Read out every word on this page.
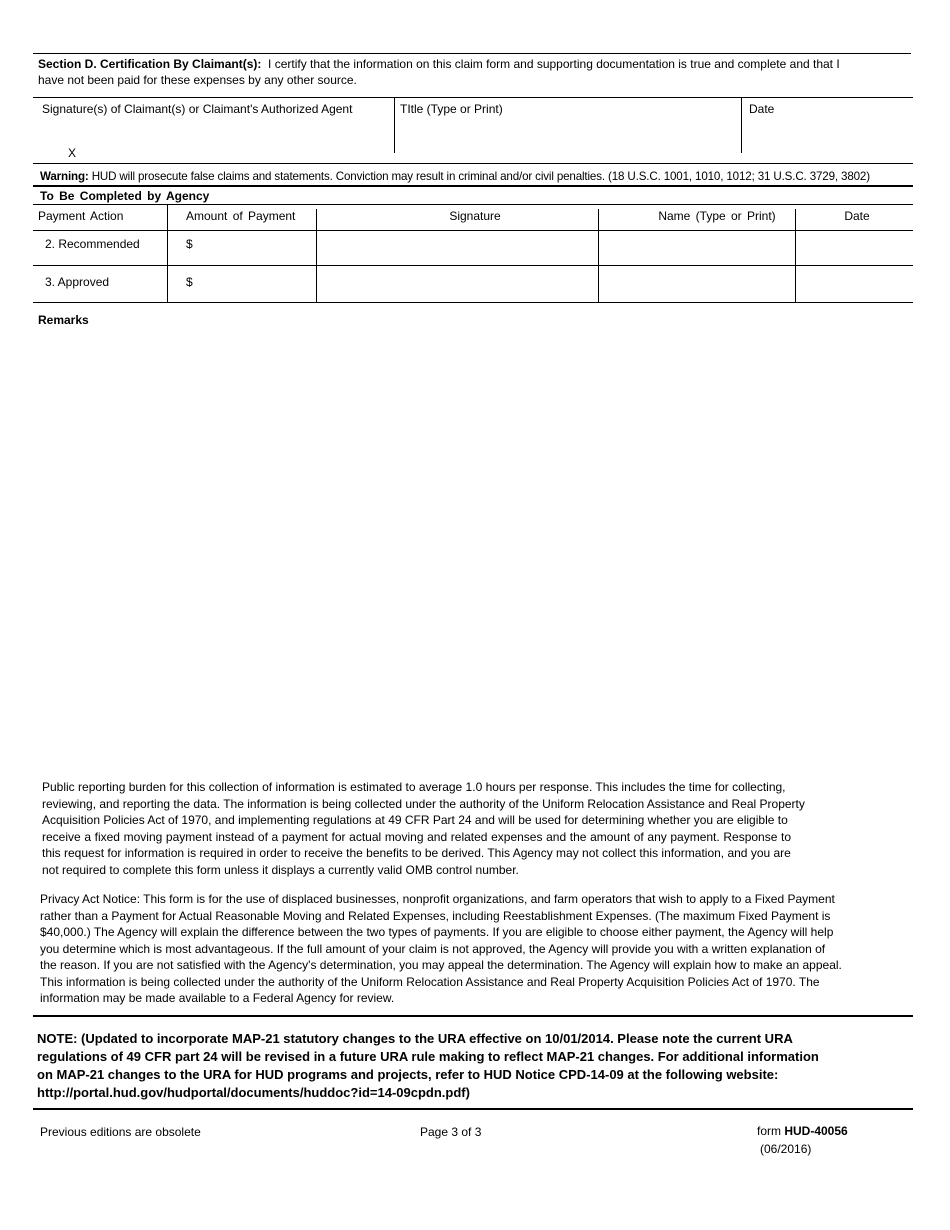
Section D. Certification By Claimant(s): I certify that the information on this claim form and supporting documentation is true and complete and that I
have not been paid for these expenses by any other source.
Signature(s) of Claimant(s) or Claimant's Authorized Agent
X
TItle (Type or Print)	Date
Warning: HUD will prosecute false claims and statements. Conviction may result in criminal and/or civil penalties. (18 U.S.C. 1001, 1010, 1012; 31 U.S.C. 3729, 3802)
To Be Completed by Agency
Payment Action	Amount of Payment	Signature	Name (Type or Print)	Date
2. Recommended	$
3. Approved	$
Remarks
Public reporting burden for this collection of information is estimated to average 1.0 hours per response. This includes the time for collecting,
reviewing, and reporting the data. The information is being collected under the authority of the Uniform Relocation Assistance and Real Property
Acquisition Policies Act of 1970, and implementing regulations at 49 CFR Part 24 and will be used for determining whether you are eligible to
receive a fixed moving payment instead of a payment for actual moving and related expenses and the amount of any payment. Response to
this request for information is required in order to receive the benefits to be derived. This Agency may not collect this information, and you are
not required to complete this form unless it displays a currently valid OMB control number.
Privacy Act Notice: This form is for the use of displaced businesses, nonprofit organizations, and farm operators that wish to apply to a Fixed Payment
rather than a Payment for Actual Reasonable Moving and Related Expenses, including Reestablishment Expenses. (The maximum Fixed Payment is
$40,000.) The Agency will explain the difference between the two types of payments. If you are eligible to choose either payment, the Agency will help
you determine which is most advantageous. If the full amount of your claim is not approved, the Agency will provide you with a written explanation of
the reason. If you are not satisfied with the Agency's determination, you may appeal the determination. The Agency will explain how to make an appeal.
This information is being collected under the authority of the Uniform Relocation Assistance and Real Property Acquisition Policies Act of 1970. The
information may be made available to a Federal Agency for review.
NOTE: (Updated to incorporate MAP-21 statutory changes to the URA effective on 10/01/2014. Please note the current URA
regulations of 49 CFR part 24 will be revised in a future URA rule making to reflect MAP-21 changes. For additional information
on MAP-21 changes to the URA for HUD programs and projects, refer to HUD Notice CPD-14-09 at the following website:
http://portal.hud.gov/hudportal/documents/huddoc?id=14-09cpdn.pdf)
Previous editions are obsolete	Page 3 of 3	form HUD-40056
(06/2016)
